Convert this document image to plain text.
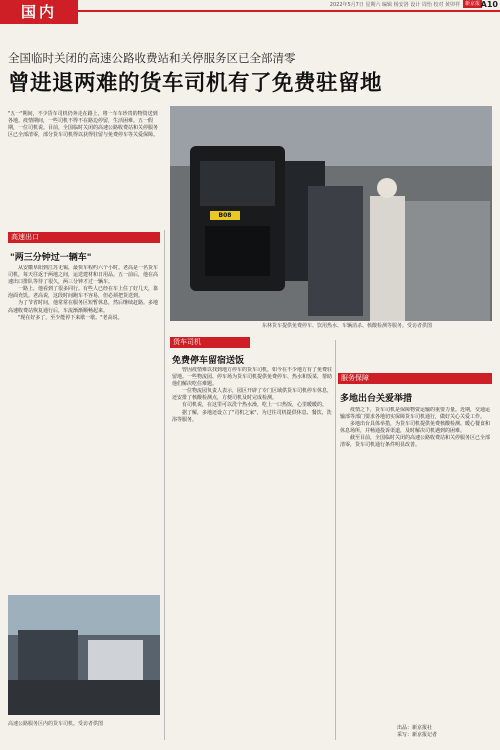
国内	2022年5月7日 星期六 编辑 杨安洛 设计 周怡 校对 黄卯祥 新京报 A10
全国临时关闭的高速公路收费站和关停服务区已全部清零
曾进退两难的货车司机有了免费驻留地
"五一"期间，不少货车司机仍奔走在路上，将一车车珍贵的物资送到各地。疫情期间，一些司机不得不在路边停留，生活困难。五一假期，一位司机说。目前，全国临时关闭的高速公路收费站和关停服务区已全部清零，部分货车司机得以获得驻留与免费停车等关爱保障。
B08
东林货车提供免费停车、饮用热水、车辆消杀、核酸检测等服务。受访者供图
高速出口
"两三分钟过一辆车"

从安徽阜阳到江苏无锡，最快车程约六个小时。老高是一名货车司机，每天往返于两地之间，运送建材和日用品。五一前后，他在高速出口排队等待了很久，两三分钟才过一辆车。

一路上，他看到了很多同行。有些人已经在车上住了好几天，靠泡面充饥。老高说，这段时间跑车不容易，但必须把货送到。

为了节省时间，他常常在服务区短暂休息，然后继续赶路。多地高速收费站恢复通行后，车流渐渐顺畅起来。

"现在好多了，至少能停下来歇一歇。"老高说。

高速公路服务区内的货车司机。受访者供图
货车司机
免费停车留宿送饭

曾因疫情难以找到地方停车的货车司机，如今在不少地方有了免费驻留地。一些物流园、停车场为货车司机提供免费停车、热水和饭菜，帮助他们解决吃住难题。

一位物流园负责人表示，园区开辟了专门区域供货车司机停车休息，还安排了核酸检测点，方便司机及时完成检测。

有司机说，在这里可以洗个热水澡，吃上一口热饭，心里暖暖的。

据了解，多地还设立了"司机之家"，为过往司机提供休息、餐饮、洗浴等服务。

服务保障
多地出台关爱举措

疫情之下，货车司机是保障物资运输的重要力量。近期，交通运输部等部门要求各地切实保障货车司机通行，做好关心关爱工作。

多地出台具体举措，为货车司机提供免费核酸检测、暖心餐食和休息场所，并畅通投诉渠道，及时解决司机遇到的困难。

截至目前，全国临时关闭的高速公路收费站和关停服务区已全部清零，货车司机通行条件明显改善。

出品：新京报社
采写：新京报记者
